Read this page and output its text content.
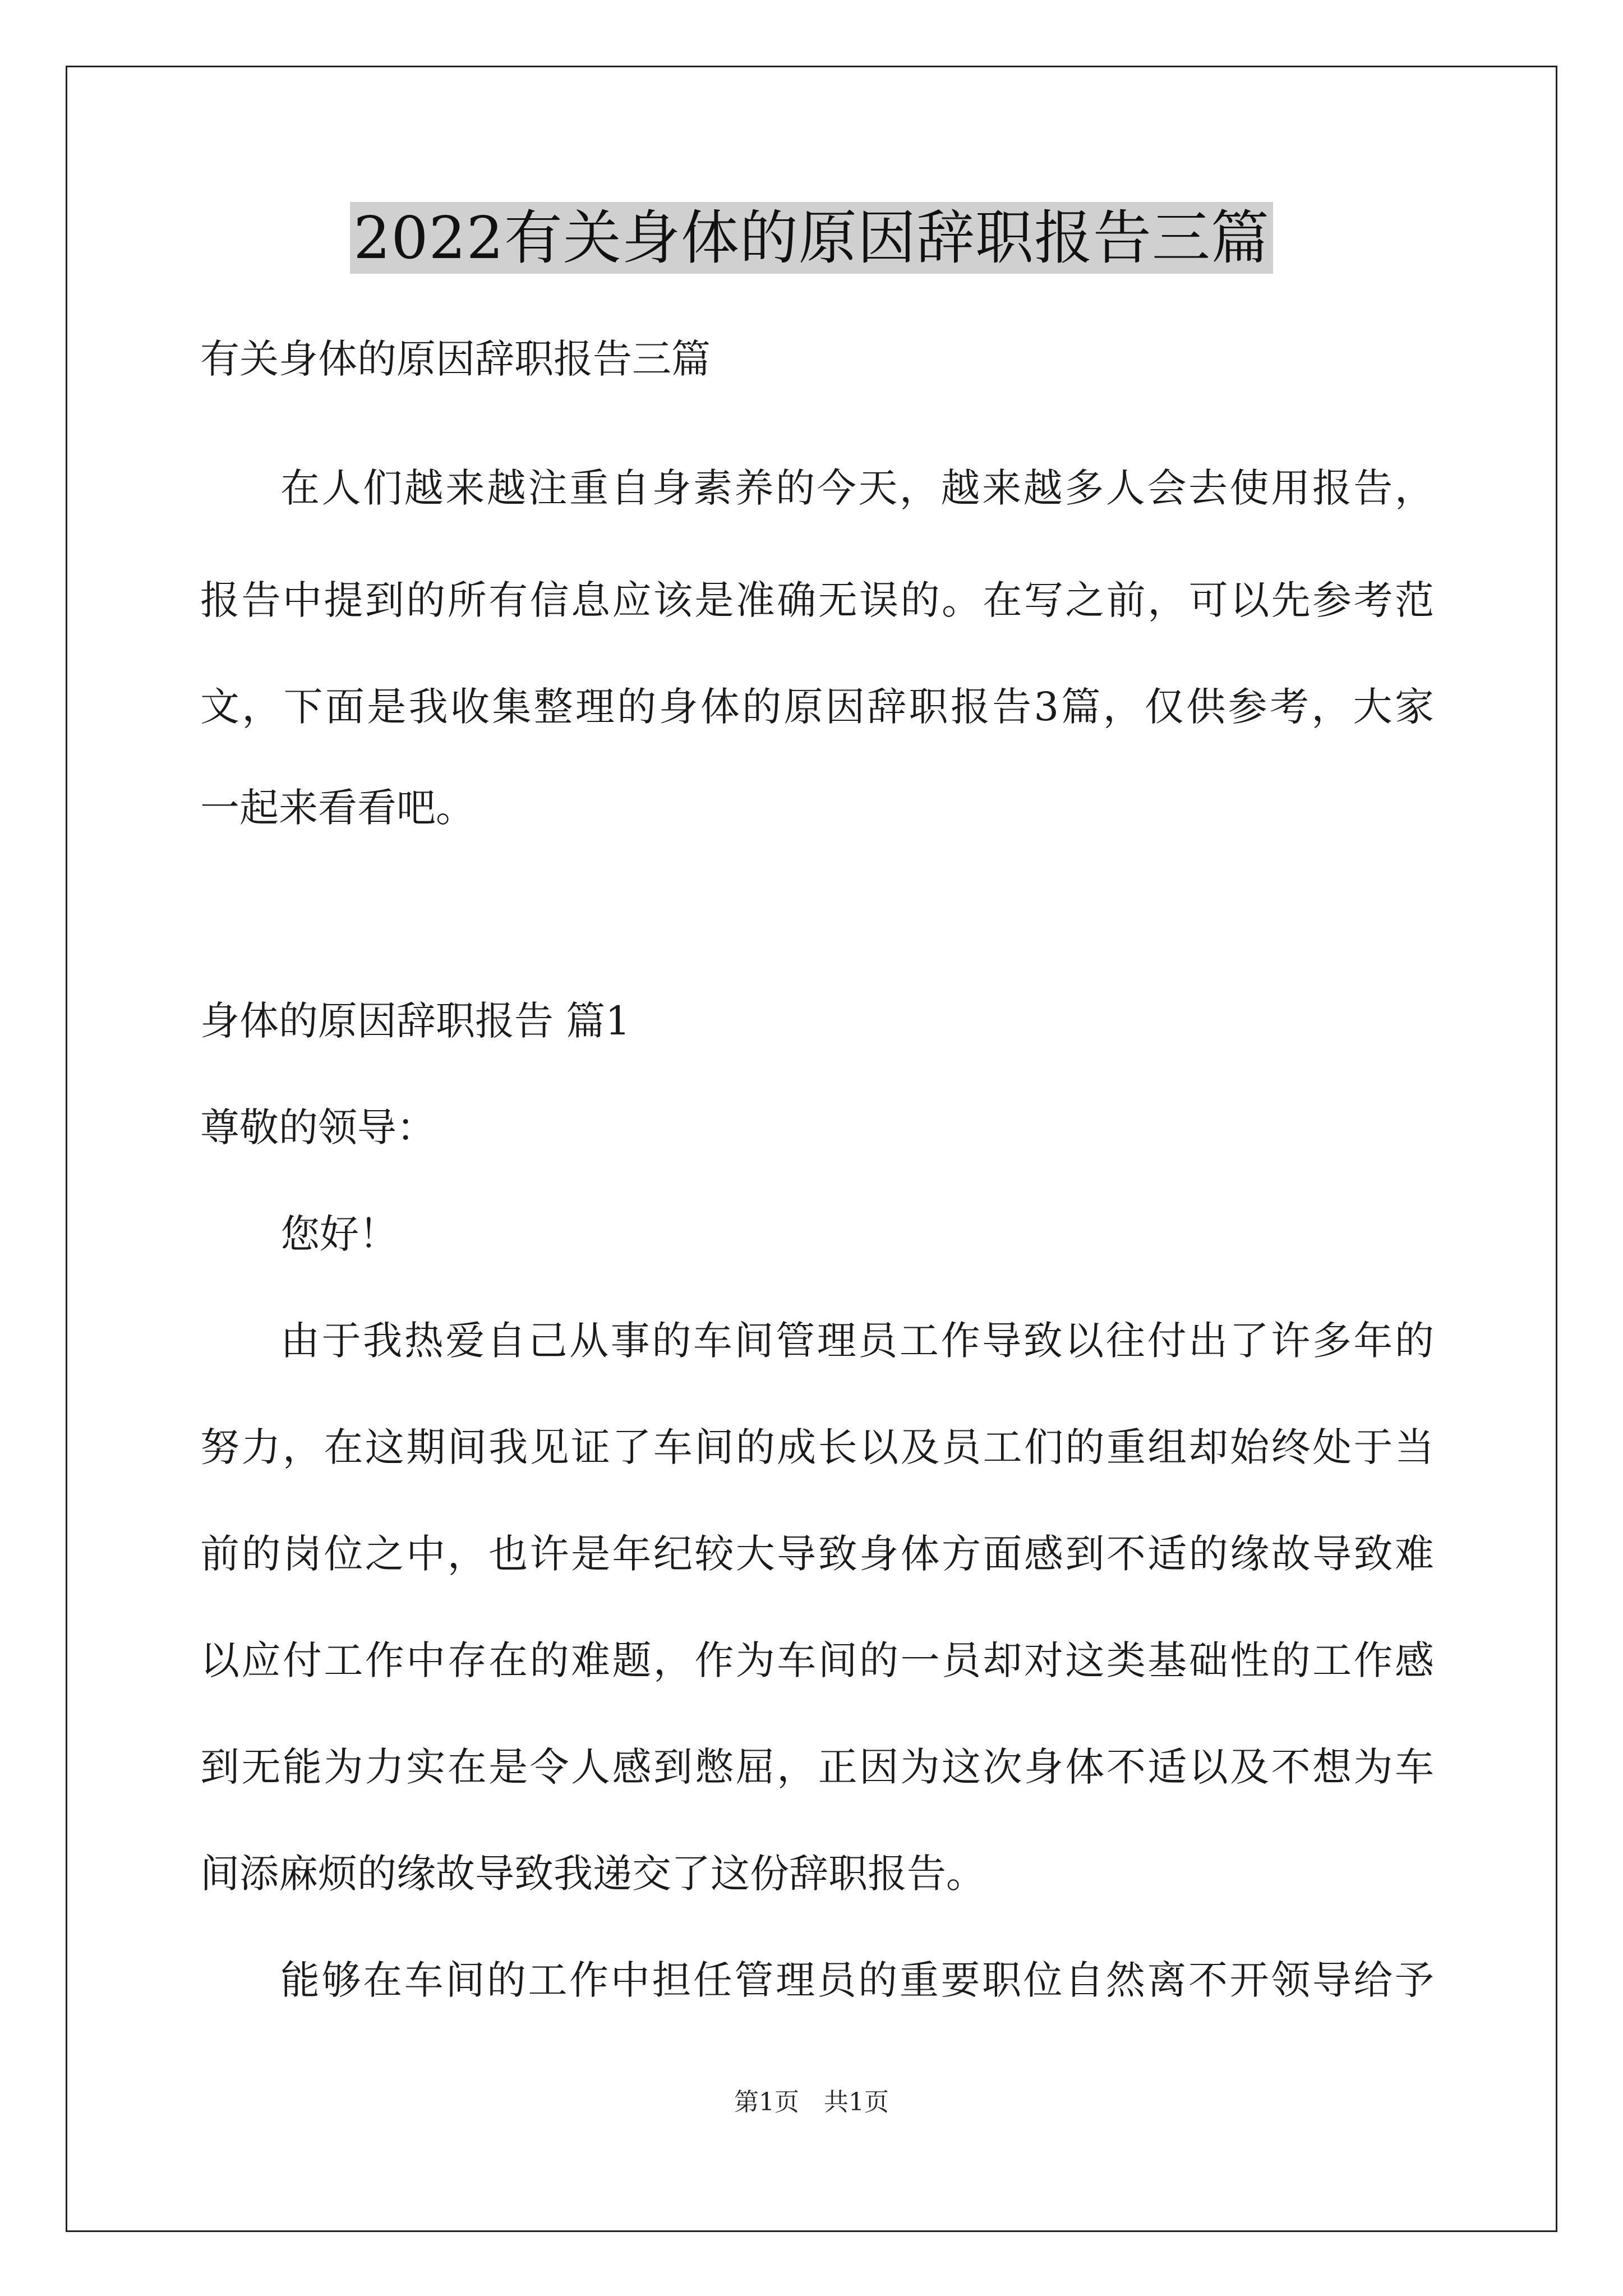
2022有关身体的原因辞职报告三篇
有关身体的原因辞职报告三篇
在人们越来越注重自身素养的今天，越来越多人会去使用报告，
报告中提到的所有信息应该是准确无误的。在写之前，可以先参考范
文，下面是我收集整理的身体的原因辞职报告3篇，仅供参考，大家
一起来看看吧。
身体的原因辞职报告 篇1
尊敬的领导：
您好！
由于我热爱自己从事的车间管理员工作导致以往付出了许多年的
努力，在这期间我见证了车间的成长以及员工们的重组却始终处于当
前的岗位之中，也许是年纪较大导致身体方面感到不适的缘故导致难
以应付工作中存在的难题，作为车间的一员却对这类基础性的工作感
到无能为力实在是令人感到憋屈，正因为这次身体不适以及不想为车
间添麻烦的缘故导致我递交了这份辞职报告。
能够在车间的工作中担任管理员的重要职位自然离不开领导给予
第1页　共1页
